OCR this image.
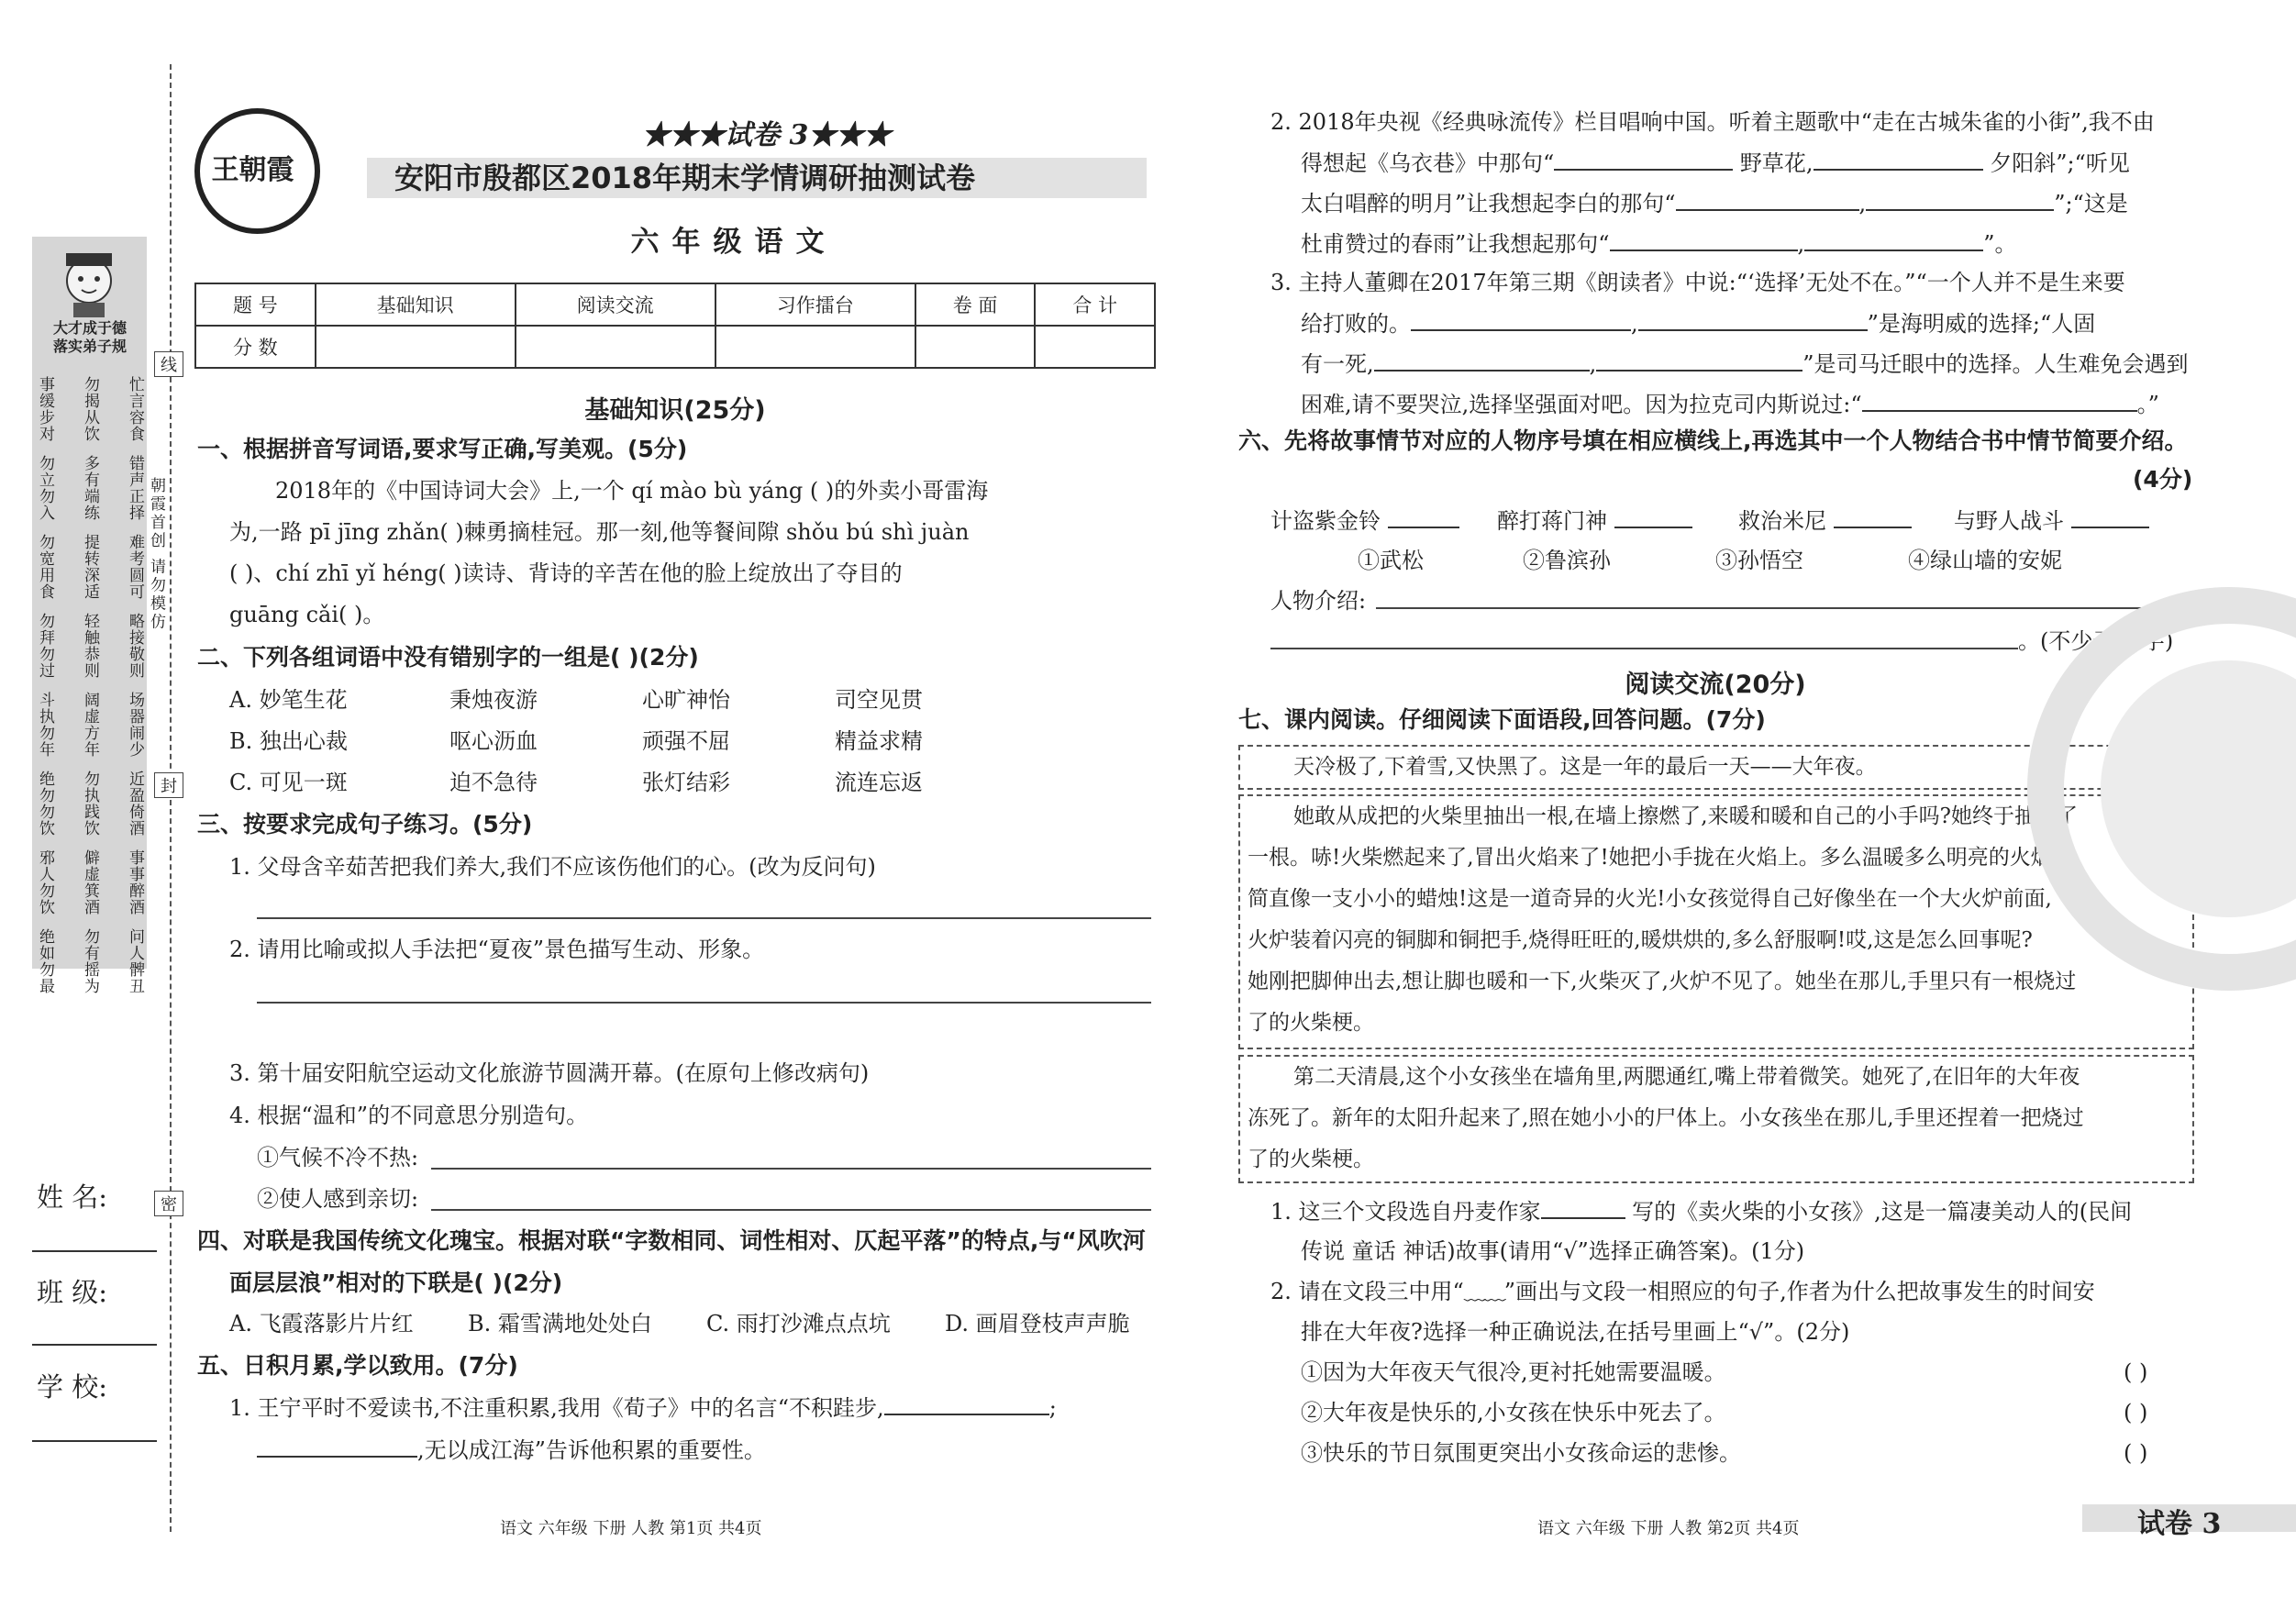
大才成于德
落实弟子规
事缓步对 勿揭从饮 忙言容食
勿立勿入 多有端练 错声正择
勿宽用食 提转深适 难考圆可
勿拜勿过 轻触恭则 略接敬则
斗执勿年 阔虚方年 场器闹少
绝勿勿饮 勿执践饮 近盈倚酒
邪人勿饮 僻虚箕酒 事事醉酒
绝如勿最 勿有摇为 问人髀丑
线
封
密
朝霞首创 请勿模仿
姓 名:
班 级:
学 校:
王朝霞
★★★试卷 3★★★
安阳市殷都区2018年期末学情调研抽测试卷
六年级语文
题 号	基础知识	阅读交流	习作擂台	卷 面	合 计
分 数					
基础知识(25分)
一、根据拼音写词语,要求写正确,写美观。(5分)
2018年的《中国诗词大会》上,一个 qí mào bù yáng ( )的外卖小哥雷海
为,一路 pī jīng zhǎn( )棘勇摘桂冠。那一刻,他等餐间隙 shǒu bú shì juàn
( )、chí zhī yǐ héng( )读诗、背诗的辛苦在他的脸上绽放出了夺目的
guāng cǎi( )。
二、下列各组词语中没有错别字的一组是( )(2分)
A. 妙笔生花	秉烛夜游	心旷神怡	司空见贯
B. 独出心裁	呕心沥血	顽强不屈	精益求精
C. 可见一斑	迫不急待	张灯结彩	流连忘返
三、按要求完成句子练习。(5分)
1. 父母含辛茹苦把我们养大,我们不应该伤他们的心。(改为反问句)
2. 请用比喻或拟人手法把“夏夜”景色描写生动、形象。
3. 第十届安阳航空运动文化旅游节圆满开幕。(在原句上修改病句)
4. 根据“温和”的不同意思分别造句。
①气候不冷不热:
②使人感到亲切:
四、对联是我国传统文化瑰宝。根据对联“字数相同、词性相对、仄起平落”的特点,与“风吹河
面层层浪”相对的下联是( )(2分)
A. 飞霞落影片片红 B. 霜雪满地处处白 C. 雨打沙滩点点坑 D. 画眉登枝声声脆
五、日积月累,学以致用。(7分)
1. 王宁平时不爱读书,不注重积累,我用《荀子》中的名言“不积跬步,	;
,无以成江海”告诉他积累的重要性。
语文 六年级 下册 人教 第1页 共4页
2. 2018年央视《经典咏流传》栏目唱响中国。听着主题歌中“走在古城朱雀的小街”,我不由
得想起《乌衣巷》中那句“	野草花,	夕阳斜”;“听见
太白唱醉的明月”让我想起李白的那句“	,	”;“这是
杜甫赞过的春雨”让我想起那句“	,	”。
3. 主持人董卿在2017年第三期《朗读者》中说:“‘选择’无处不在。”“一个人并不是生来要
给打败的。	,	”是海明威的选择;“人固
有一死,	,	”是司马迁眼中的选择。人生难免会遇到
困难,请不要哭泣,选择坚强面对吧。因为拉克司内斯说过:“	。”
六、先将故事情节对应的人物序号填在相应横线上,再选其中一个人物结合书中情节简要介绍。
(4分)
计盗紫金铃	醉打蒋门神	救治米尼	与野人战斗
①武松	②鲁滨孙	③孙悟空	④绿山墙的安妮
人物介绍:
。(不少于40字)
阅读交流(20分)
七、课内阅读。仔细阅读下面语段,回答问题。(7分)
天冷极了,下着雪,又快黑了。这是一年的最后一天——大年夜。
她敢从成把的火柴里抽出一根,在墙上擦燃了,来暖和暖和自己的小手吗?她终于抽出了
一根。哧!火柴燃起来了,冒出火焰来了!她把小手拢在火焰上。多么温暖多么明亮的火焰啊,
简直像一支小小的蜡烛!这是一道奇异的火光!小女孩觉得自己好像坐在一个大火炉前面,
火炉装着闪亮的铜脚和铜把手,烧得旺旺的,暖烘烘的,多么舒服啊!哎,这是怎么回事呢?
她刚把脚伸出去,想让脚也暖和一下,火柴灭了,火炉不见了。她坐在那儿,手里只有一根烧过
了的火柴梗。
第二天清晨,这个小女孩坐在墙角里,两腮通红,嘴上带着微笑。她死了,在旧年的大年夜
冻死了。新年的太阳升起来了,照在她小小的尸体上。小女孩坐在那儿,手里还捏着一把烧过
了的火柴梗。
1. 这三个文段选自丹麦作家	写的《卖火柴的小女孩》,这是一篇凄美动人的(民间
传说 童话 神话)故事(请用“√”选择正确答案)。(1分)
2. 请在文段三中用“﹏﹏”画出与文段一相照应的句子,作者为什么把故事发生的时间安
排在大年夜?选择一种正确说法,在括号里画上“√”。(2分)
①因为大年夜天气很冷,更衬托她需要温暖。	( )
②大年夜是快乐的,小女孩在快乐中死去了。	( )
③快乐的节日氛围更突出小女孩命运的悲惨。	( )
语文 六年级 下册 人教 第2页 共4页	试卷 3
